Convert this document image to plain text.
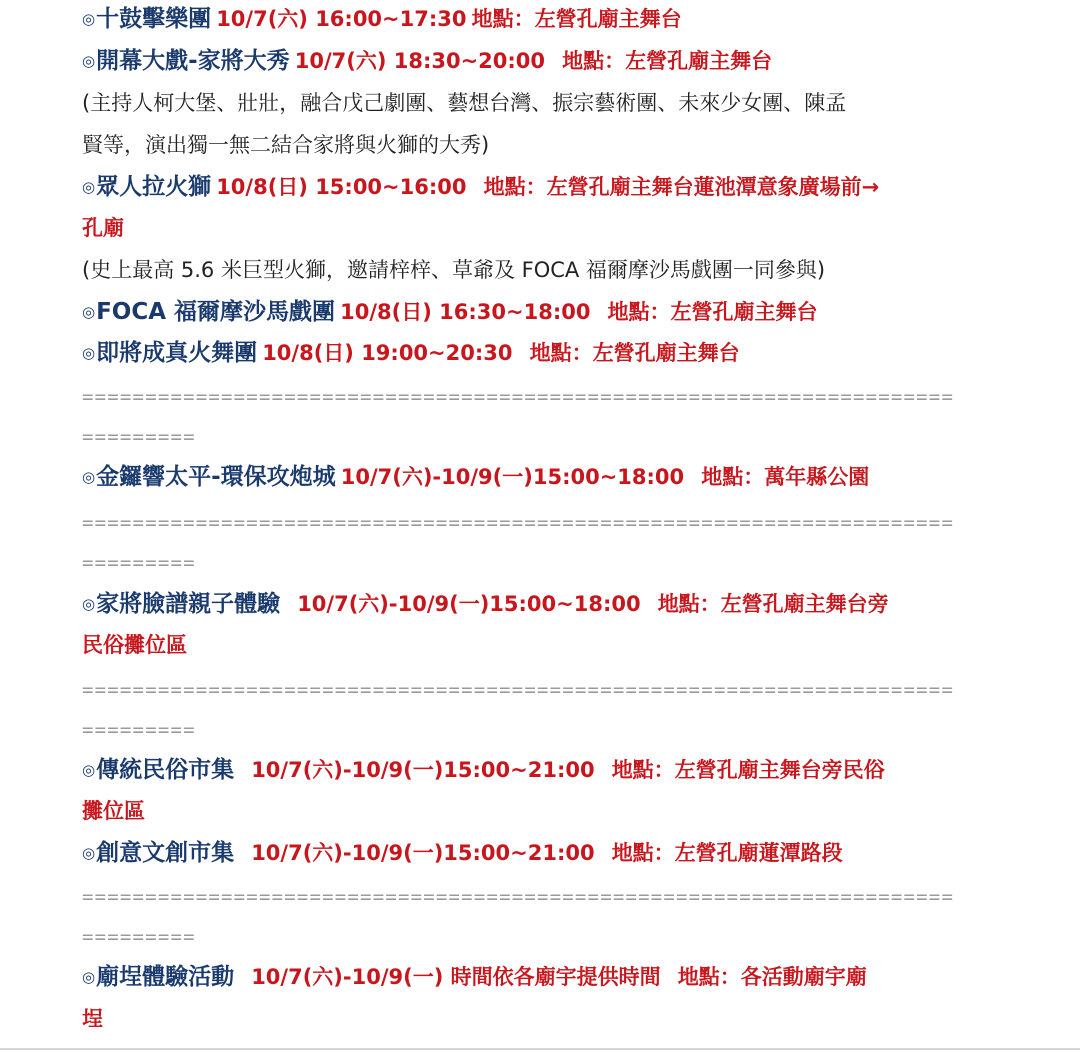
◎十鼓擊樂團 10/7(六) 16:00~17:30 地點：左營孔廟主舞台
◎開幕大戲-家將大秀 10/7(六) 18:30~20:00 地點：左營孔廟主舞台
(主持人柯大堡、壯壯，融合戊己劇團、藝想台灣、振宗藝術團、未來少女團、陳孟
賢等，演出獨一無二結合家將與火獅的大秀)
◎眾人拉火獅 10/8(日) 15:00~16:00 地點：左營孔廟主舞台蓮池潭意象廣場前→
孔廟
(史上最高 5.6 米巨型火獅，邀請梓梓、草爺及 FOCA 福爾摩沙馬戲團一同參與)
◎FOCA 福爾摩沙馬戲團 10/8(日) 16:30~18:00 地點：左營孔廟主舞台
◎即將成真火舞團 10/8(日) 19:00~20:30 地點：左營孔廟主舞台
=====================================================================
=========
◎金鑼響太平-環保攻炮城 10/7(六)-10/9(一)15:00~18:00 地點：萬年縣公園
=====================================================================
=========
◎家將臉譜親子體驗 10/7(六)-10/9(一)15:00~18:00 地點：左營孔廟主舞台旁
民俗攤位區
=====================================================================
=========
◎傳統民俗市集 10/7(六)-10/9(一)15:00~21:00 地點：左營孔廟主舞台旁民俗
攤位區
◎創意文創市集 10/7(六)-10/9(一)15:00~21:00 地點：左營孔廟蓮潭路段
=====================================================================
=========
◎廟埕體驗活動 10/7(六)-10/9(一) 時間依各廟宇提供時間 地點：各活動廟宇廟
埕
